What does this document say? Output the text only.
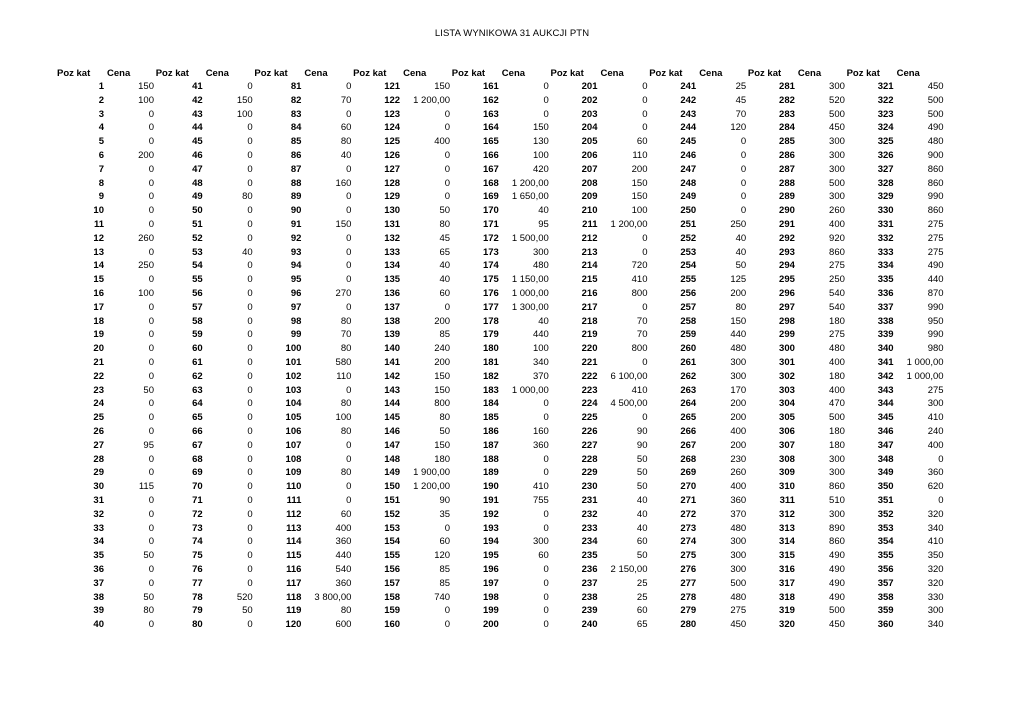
LISTA WYNIKOWA 31 AUKCJI PTN
Poz kat Cena	Poz kat Cena	Poz kat Cena	Poz kat Cena	Poz kat Cena	Poz kat Cena	Poz kat Cena	Poz kat Cena	Poz kat Cena
1	150	41	0	81	0	121	150	161	0	201	0	241	25	281	300	321	450
2	100	42	150	82	70	122	1 200,00	162	0	202	0	242	45	282	520	322	500
3	0	43	100	83	0	123	0	163	0	203	0	243	70	283	500	323	500
4	0	44	0	84	60	124	0	164	150	204	0	244	120	284	450	324	490
5	0	45	0	85	80	125	400	165	130	205	60	245	0	285	300	325	480
6	200	46	0	86	40	126	0	166	100	206	110	246	0	286	300	326	900
7	0	47	0	87	0	127	0	167	420	207	200	247	0	287	300	327	860
8	0	48	0	88	160	128	0	168	1 200,00	208	150	248	0	288	500	328	860
9	0	49	80	89	0	129	0	169	1 650,00	209	150	249	0	289	300	329	990
10	0	50	0	90	0	130	50	170	40	210	100	250	0	290	260	330	860
11	0	51	0	91	150	131	80	171	95	211	1 200,00	251	250	291	400	331	275
12	260	52	0	92	0	132	45	172	1 500,00	212	0	252	40	292	920	332	275
13	0	53	40	93	0	133	65	173	300	213	0	253	40	293	860	333	275
14	250	54	0	94	0	134	40	174	480	214	720	254	50	294	275	334	490
15	0	55	0	95	0	135	40	175	1 150,00	215	410	255	125	295	250	335	440
16	100	56	0	96	270	136	60	176	1 000,00	216	800	256	200	296	540	336	870
17	0	57	0	97	0	137	0	177	1 300,00	217	0	257	80	297	540	337	990
18	0	58	0	98	80	138	200	178	40	218	70	258	150	298	180	338	950
19	0	59	0	99	70	139	85	179	440	219	70	259	440	299	275	339	990
20	0	60	0	100	80	140	240	180	100	220	800	260	480	300	480	340	980
21	0	61	0	101	580	141	200	181	340	221	0	261	300	301	400	341	1 000,00
22	0	62	0	102	110	142	150	182	370	222	6 100,00	262	300	302	180	342	1 000,00
23	50	63	0	103	0	143	150	183	1 000,00	223	410	263	170	303	400	343	275
24	0	64	0	104	80	144	800	184	0	224	4 500,00	264	200	304	470	344	300
25	0	65	0	105	100	145	80	185	0	225	0	265	200	305	500	345	410
26	0	66	0	106	80	146	50	186	160	226	90	266	400	306	180	346	240
27	95	67	0	107	0	147	150	187	360	227	90	267	200	307	180	347	400
28	0	68	0	108	0	148	180	188	0	228	50	268	230	308	300	348	0
29	0	69	0	109	80	149	1 900,00	189	0	229	50	269	260	309	300	349	360
30	115	70	0	110	0	150	1 200,00	190	410	230	50	270	400	310	860	350	620
31	0	71	0	111	0	151	90	191	755	231	40	271	360	311	510	351	0
32	0	72	0	112	60	152	35	192	0	232	40	272	370	312	300	352	320
33	0	73	0	113	400	153	0	193	0	233	40	273	480	313	890	353	340
34	0	74	0	114	360	154	60	194	300	234	60	274	300	314	860	354	410
35	50	75	0	115	440	155	120	195	60	235	50	275	300	315	490	355	350
36	0	76	0	116	540	156	85	196	0	236	2 150,00	276	300	316	490	356	320
37	0	77	0	117	360	157	85	197	0	237	25	277	500	317	490	357	320
38	50	78	520	118	3 800,00	158	740	198	0	238	25	278	480	318	490	358	330
39	80	79	50	119	80	159	0	199	0	239	60	279	275	319	500	359	300
40	0	80	0	120	600	160	0	200	0	240	65	280	450	320	450	360	340
